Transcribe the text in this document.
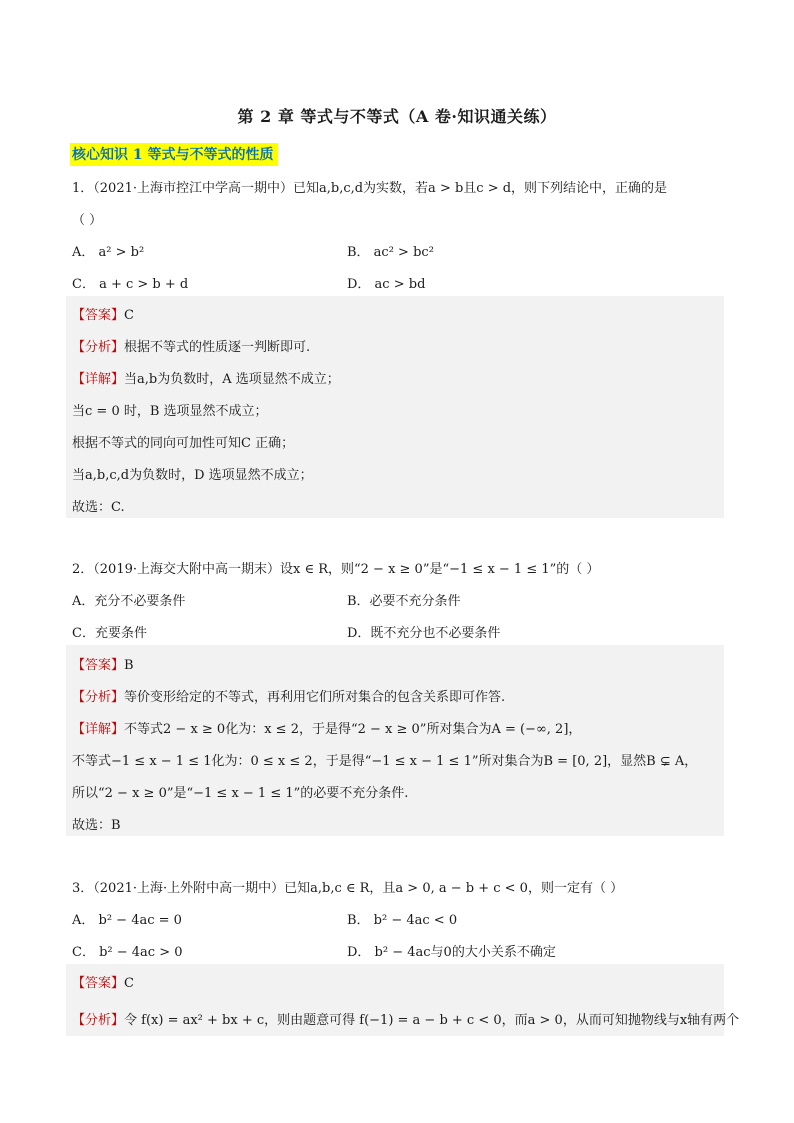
第 2 章 等式与不等式（A 卷·知识通关练）
核心知识 1 等式与不等式的性质
1．（2021·上海市控江中学高一期中）已知a,b,c,d为实数，若a > b且c > d，则下列结论中，正确的是
（ ）
A． a² > b²	B． ac² > bc²
C． a + c > b + d	D． ac > bd
【答案】C
【分析】根据不等式的性质逐一判断即可.
【详解】当a,b为负数时，A 选项显然不成立；
当c = 0 时，B 选项显然不成立；
根据不等式的同向可加性可知C 正确；
当a,b,c,d为负数时，D 选项显然不成立；
故选：C.
2．（2019·上海交大附中高一期末）设x ∈ R，则“2 − x ≥ 0”是“−1 ≤ x − 1 ≤ 1”的（ ）
A．充分不必要条件	B．必要不充分条件
C．充要条件	D．既不充分也不必要条件
【答案】B
【分析】等价变形给定的不等式，再利用它们所对集合的包含关系即可作答.
【详解】不等式2 − x ≥ 0化为：x ≤ 2，于是得“2 − x ≥ 0”所对集合为A = (−∞, 2]，
不等式−1 ≤ x − 1 ≤ 1化为：0 ≤ x ≤ 2，于是得“−1 ≤ x − 1 ≤ 1”所对集合为B = [0, 2]，显然B ⊊ A，
所以“2 − x ≥ 0”是“−1 ≤ x − 1 ≤ 1”的必要不充分条件.
故选：B
3．（2021·上海·上外附中高一期中）已知a,b,c ∈ R，且a > 0, a − b + c < 0，则一定有（ ）
A． b² − 4ac = 0	B． b² − 4ac < 0
C． b² − 4ac > 0	D． b² − 4ac与0的大小关系不确定
【答案】C
【分析】令 f(x) = ax² + bx + c，则由题意可得 f(−1) = a − b + c < 0，而a > 0，从而可知抛物线与x轴有两个
